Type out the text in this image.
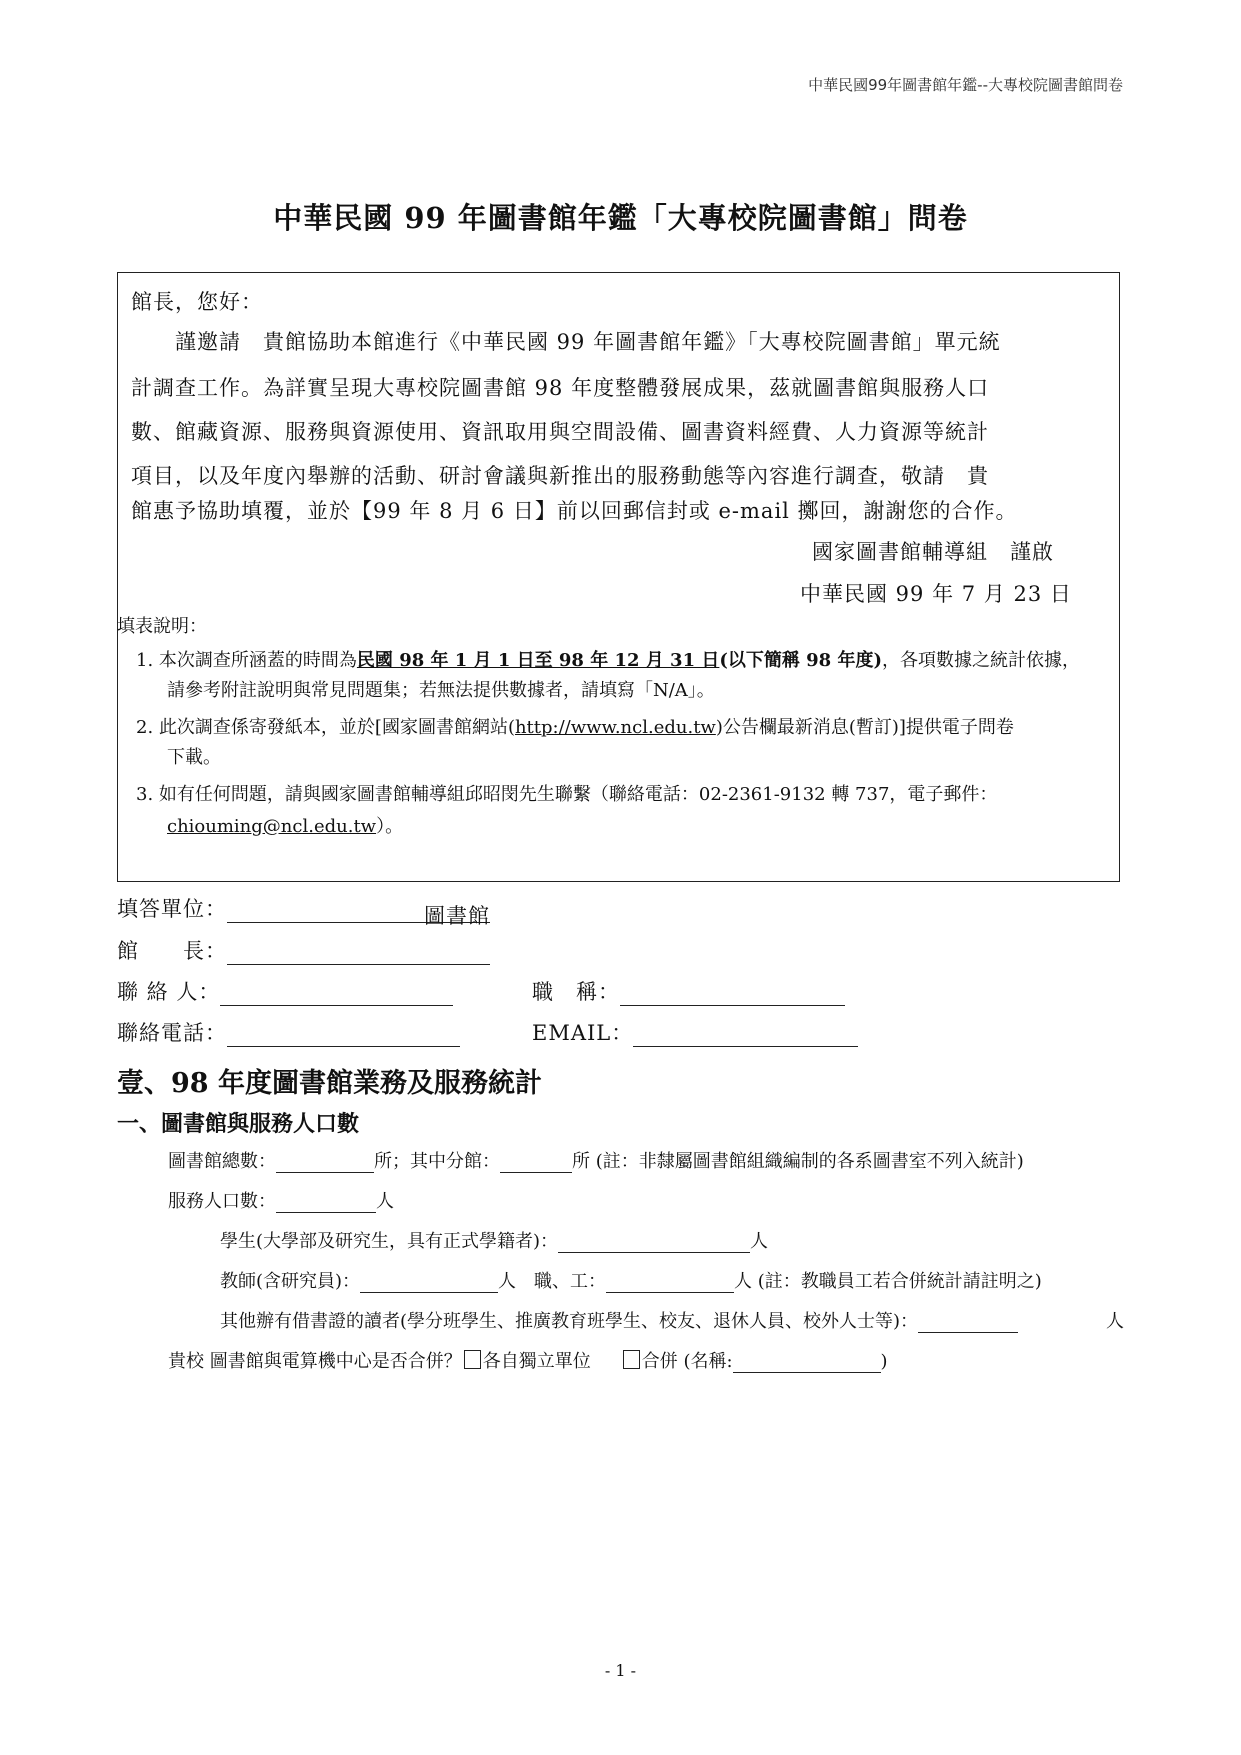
中華民國99年圖書館年鑑--大專校院圖書館問卷
中華民國 99 年圖書館年鑑「大專校院圖書館」問卷
館長，您好：
　　謹邀請　貴館協助本館進行《中華民國 99 年圖書館年鑑》「大專校院圖書館」單元統
計調查工作。為詳實呈現大專校院圖書館 98 年度整體發展成果，茲就圖書館與服務人口
數、館藏資源、服務與資源使用、資訊取用與空間設備、圖書資料經費、人力資源等統計
項目，以及年度內舉辦的活動、研討會議與新推出的服務動態等內容進行調查，敬請　貴
館惠予協助填覆，並於【99 年 8 月 6 日】前以回郵信封或 e-mail 擲回，謝謝您的合作。
國家圖書館輔導組　謹啟
中華民國 99 年 7 月 23 日
填表說明：
1. 本次調查所涵蓋的時間為民國 98 年 1 月 1 日至 98 年 12 月 31 日(以下簡稱 98 年度)，各項數據之統計依據，
請參考附註說明與常見問題集；若無法提供數據者，請填寫「N/A」。
2. 此次調查係寄發紙本，並於[國家圖書館網站(http://www.ncl.edu.tw)公告欄最新消息(暫訂)]提供電子問卷
下載。
3. 如有任何問題，請與國家圖書館輔導組邱昭閔先生聯繫（聯絡電話：02-2361-9132 轉 737，電子郵件：
chiouming@ncl.edu.tw）。
填答單位：	圖書館
館　　長：
聯 絡 人：	職　稱：
聯絡電話：	EMAIL：
壹、98 年度圖書館業務及服務統計
一、圖書館與服務人口數
圖書館總數：	所；其中分館：	所 (註：非隸屬圖書館組織編制的各系圖書室不列入統計)
服務人口數：	人
學生(大學部及研究生，具有正式學籍者)：	人
教師(含研究員)：	人　職、工：	人 (註：教職員工若合併統計請註明之)
其他辦有借書證的讀者(學分班學生、推廣教育班學生、校友、退休人員、校外人士等)：	人
貴校 圖書館與電算機中心是否合併？ 各自獨立單位	合併 (名稱:	)
- 1 -
